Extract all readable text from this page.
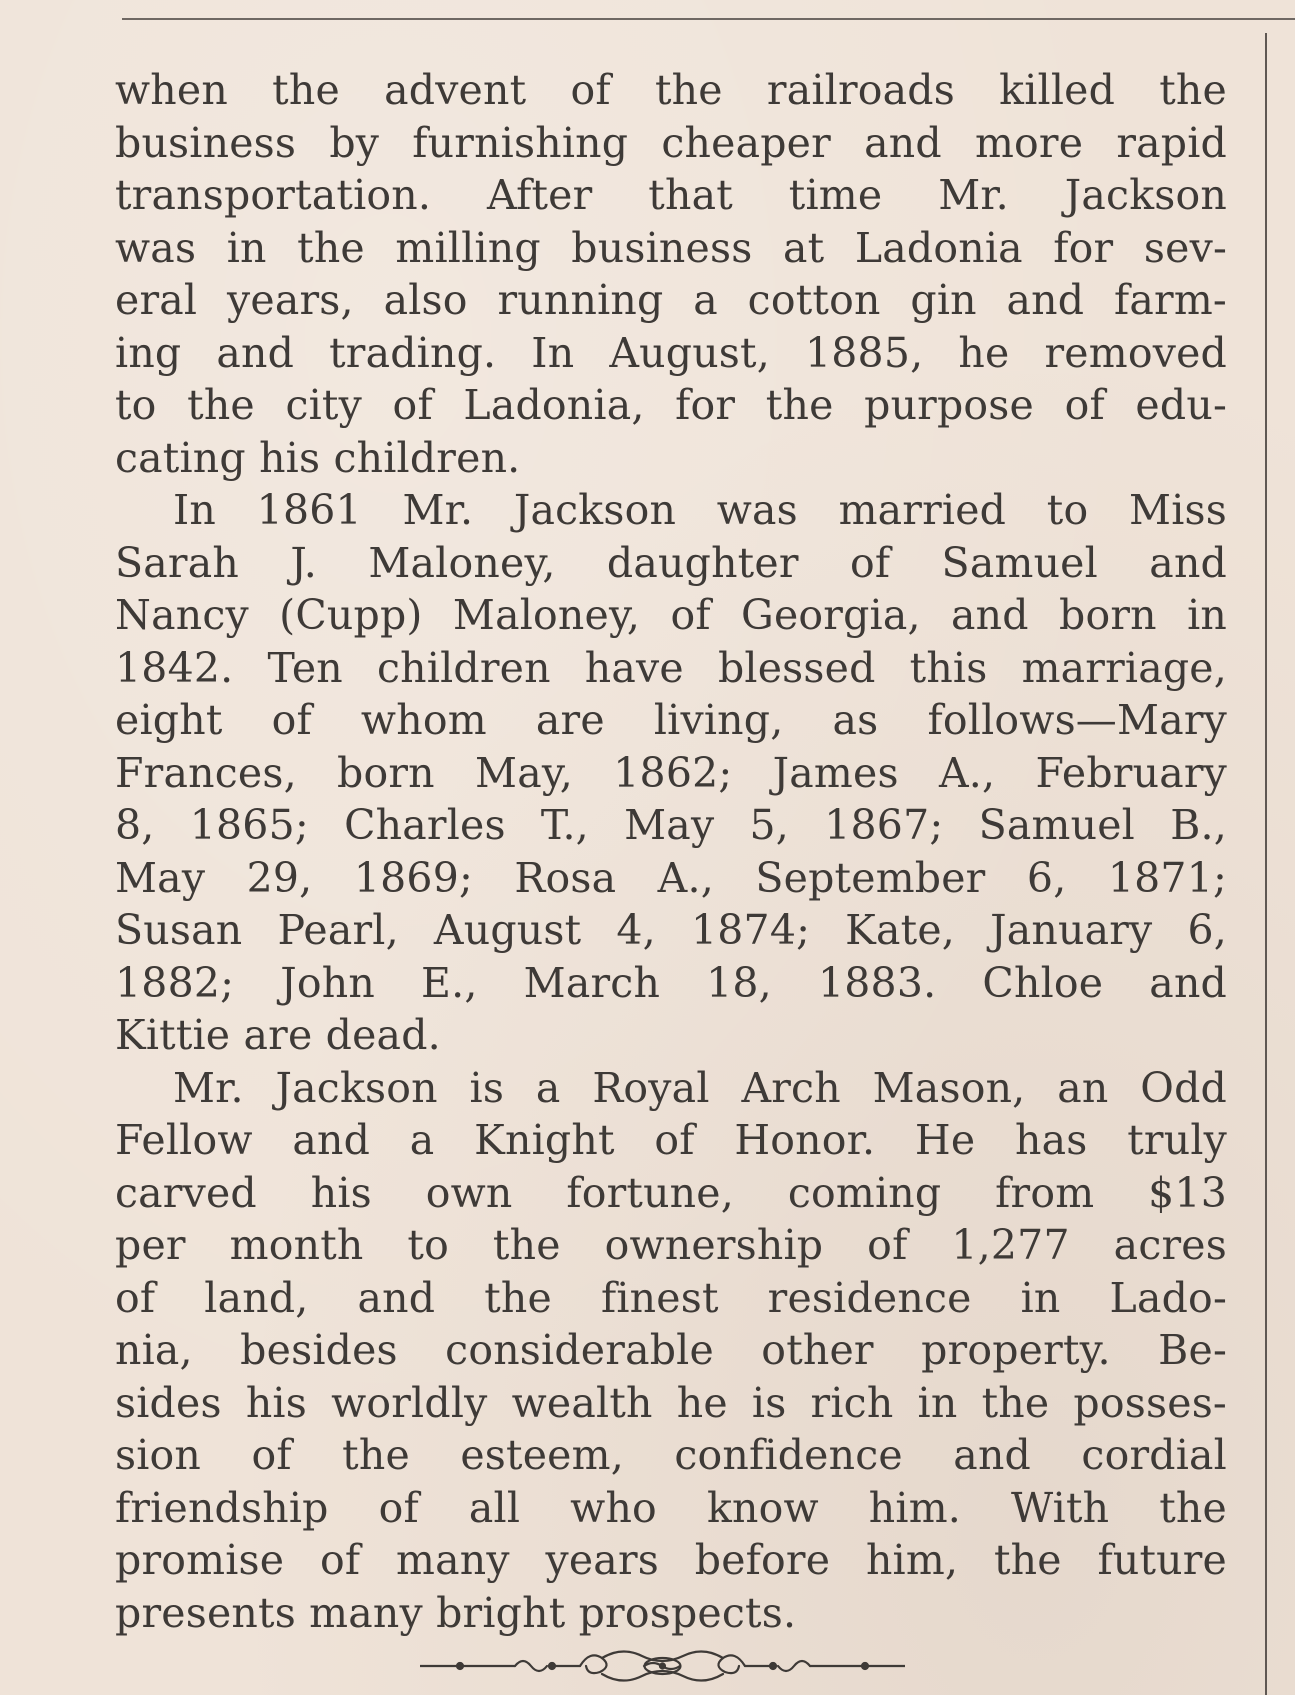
when the advent of the railroads killed the
business by furnishing cheaper and more rapid
transportation. After that time Mr. Jackson
was in the milling business at Ladonia for sev-
eral years, also running a cotton gin and farm-
ing and trading. In August, 1885, he removed
to the city of Ladonia, for the purpose of edu-
cating his children.
In 1861 Mr. Jackson was married to Miss
Sarah J. Maloney, daughter of Samuel and
Nancy (Cupp) Maloney, of Georgia, and born in
1842. Ten children have blessed this marriage,
eight of whom are living, as follows—Mary
Frances, born May, 1862; James A., February
8, 1865; Charles T., May 5, 1867; Samuel B.,
May 29, 1869; Rosa A., September 6, 1871;
Susan Pearl, August 4, 1874; Kate, January 6,
1882; John E., March 18, 1883. Chloe and
Kittie are dead.
Mr. Jackson is a Royal Arch Mason, an Odd
Fellow and a Knight of Honor. He has truly
carved his own fortune, coming from $13
per month to the ownership of 1,277 acres
of land, and the finest residence in Lado-
nia, besides considerable other property. Be-
sides his worldly wealth he is rich in the posses-
sion of the esteem, confidence and cordial
friendship of all who know him. With the
promise of many years before him, the future
presents many bright prospects.
